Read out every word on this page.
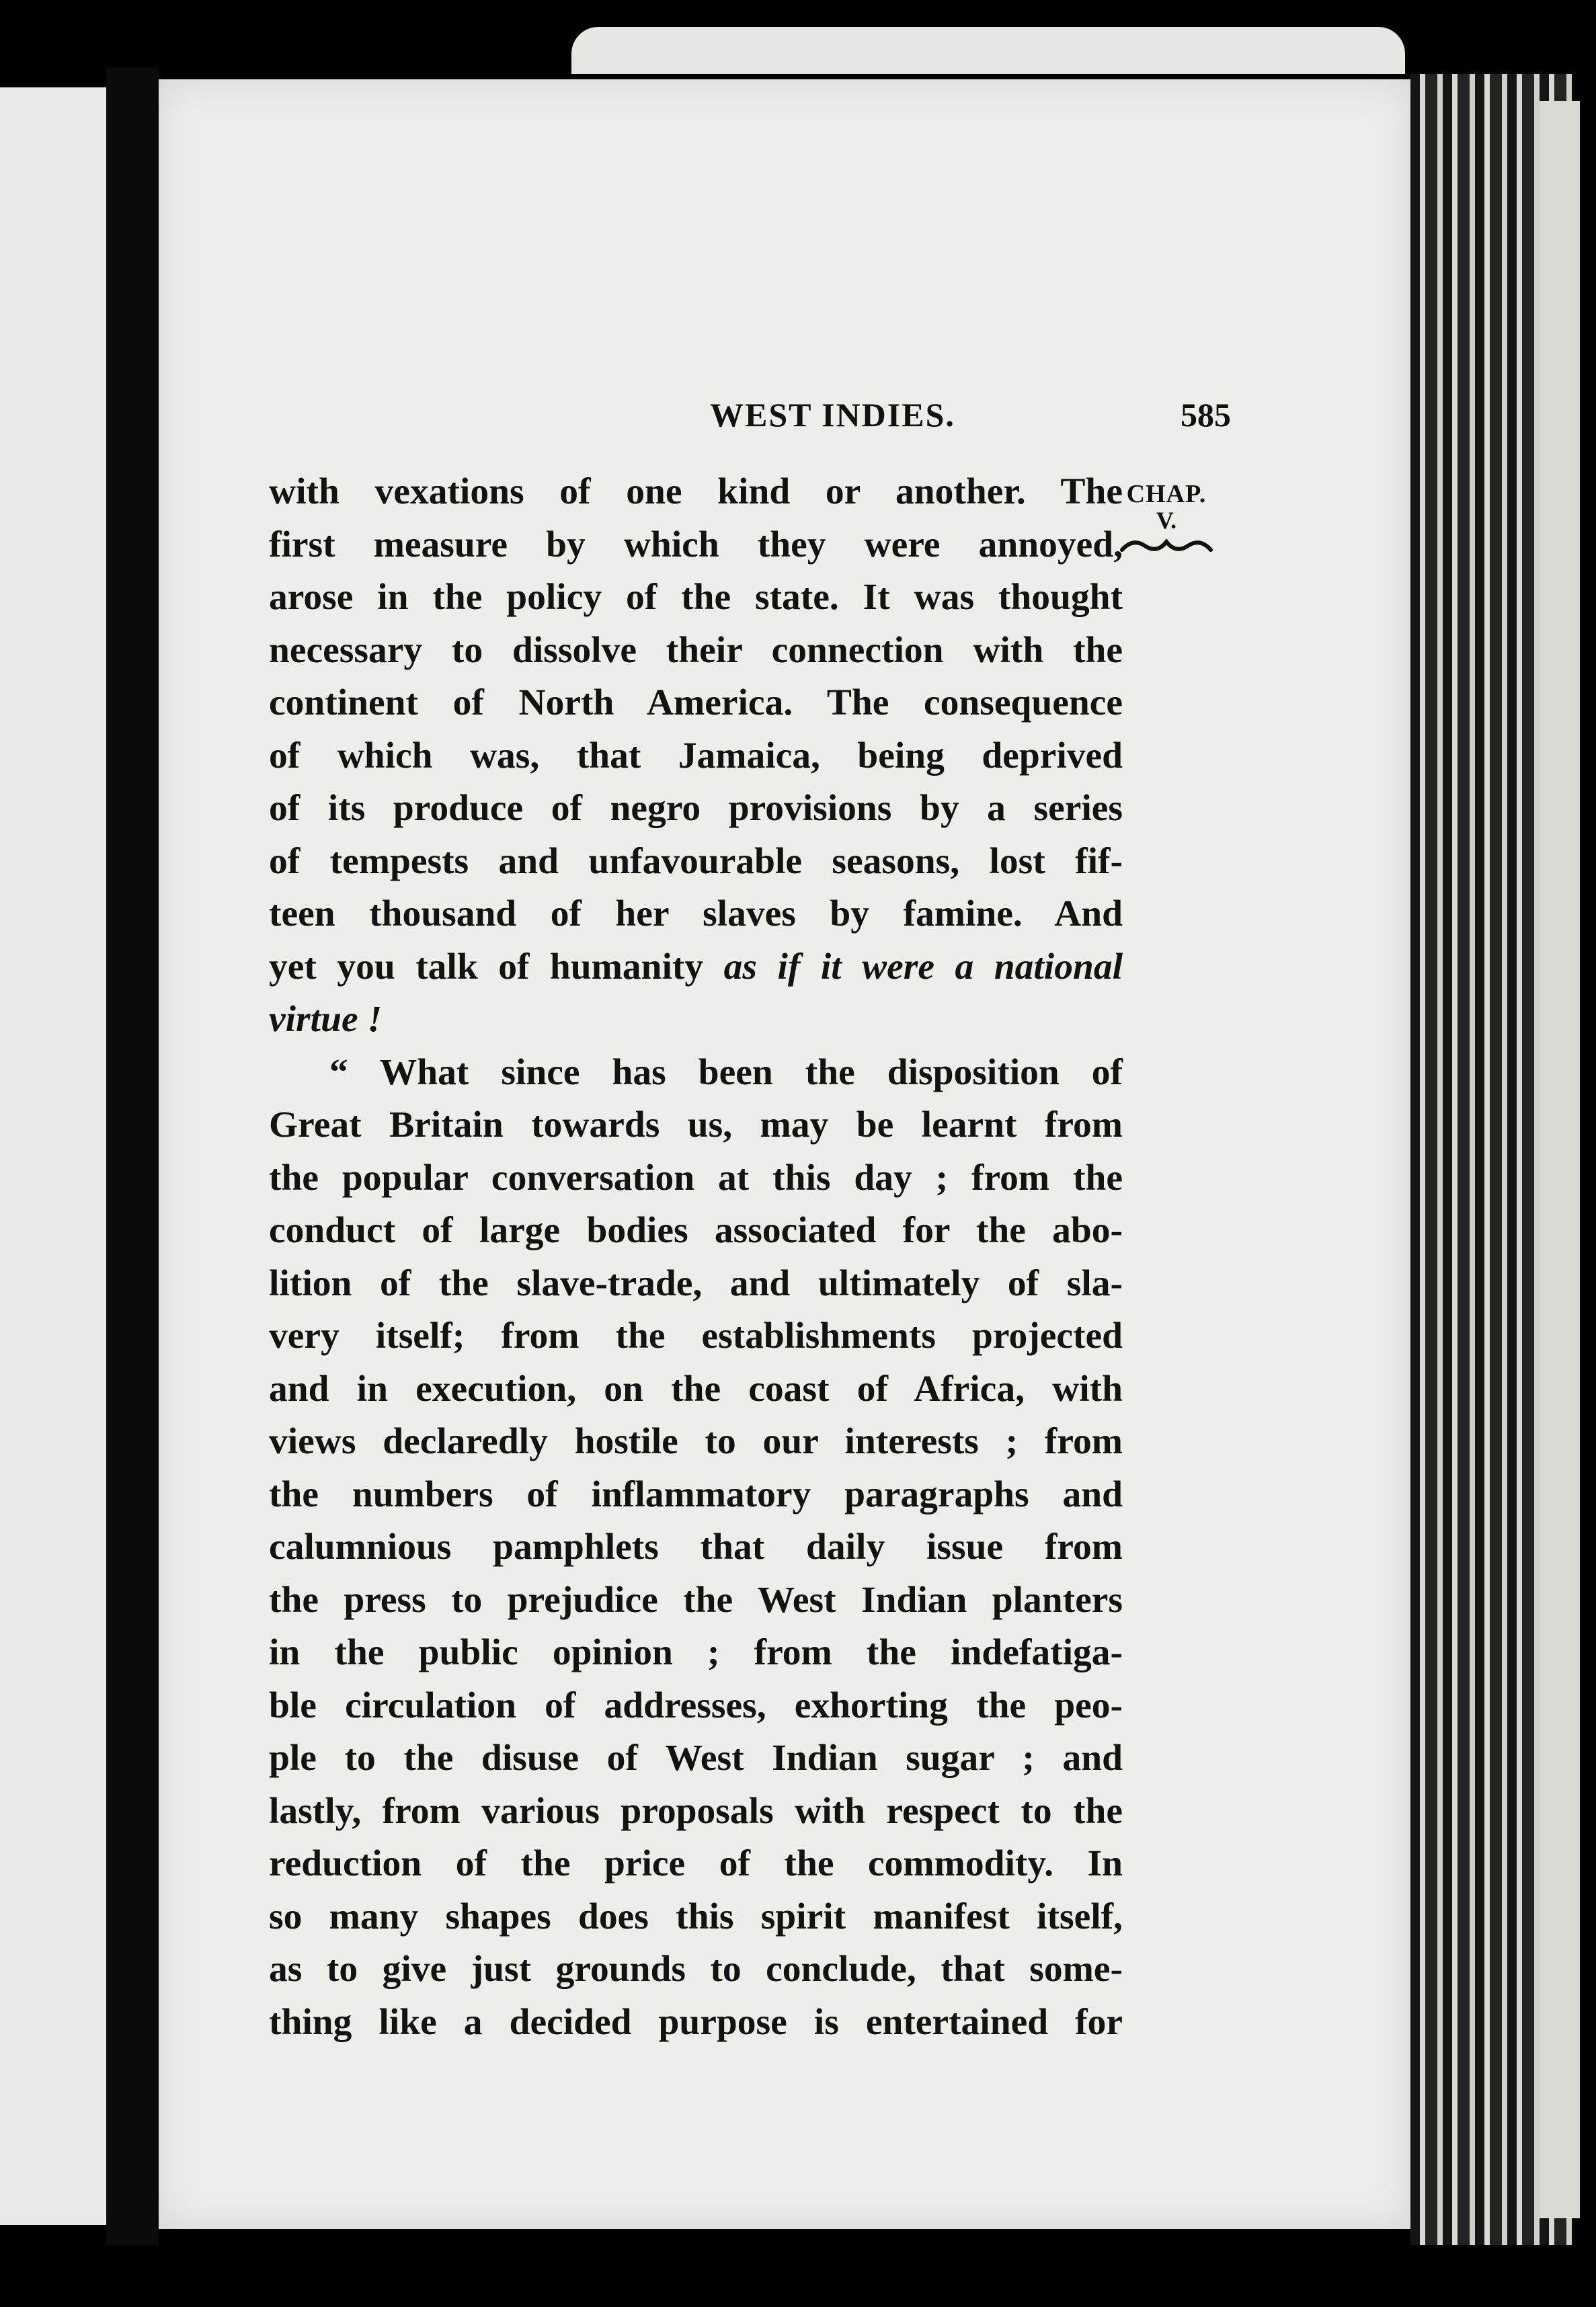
WEST INDIES.	585
CHAP.
V.
with vexations of one kind or another. The
first measure by which they were annoyed,
arose in the policy of the state. It was thought
necessary to dissolve their connection with the
continent of North America. The consequence
of which was, that Jamaica, being deprived
of its produce of negro provisions by a series
of tempests and unfavourable seasons, lost fif-
teen thousand of her slaves by famine. And
yet you talk of humanity as if it were a national
virtue !
“ What since has been the disposition of
Great Britain towards us, may be learnt from
the popular conversation at this day ; from the
conduct of large bodies associated for the abo-
lition of the slave-trade, and ultimately of sla-
very itself; from the establishments projected
and in execution, on the coast of Africa, with
views declaredly hostile to our interests ; from
the numbers of inflammatory paragraphs and
calumnious pamphlets that daily issue from
the press to prejudice the West Indian planters
in the public opinion ; from the indefatiga-
ble circulation of addresses, exhorting the peo-
ple to the disuse of West Indian sugar ; and
lastly, from various proposals with respect to the
reduction of the price of the commodity. In
so many shapes does this spirit manifest itself,
as to give just grounds to conclude, that some-
thing like a decided purpose is entertained for
